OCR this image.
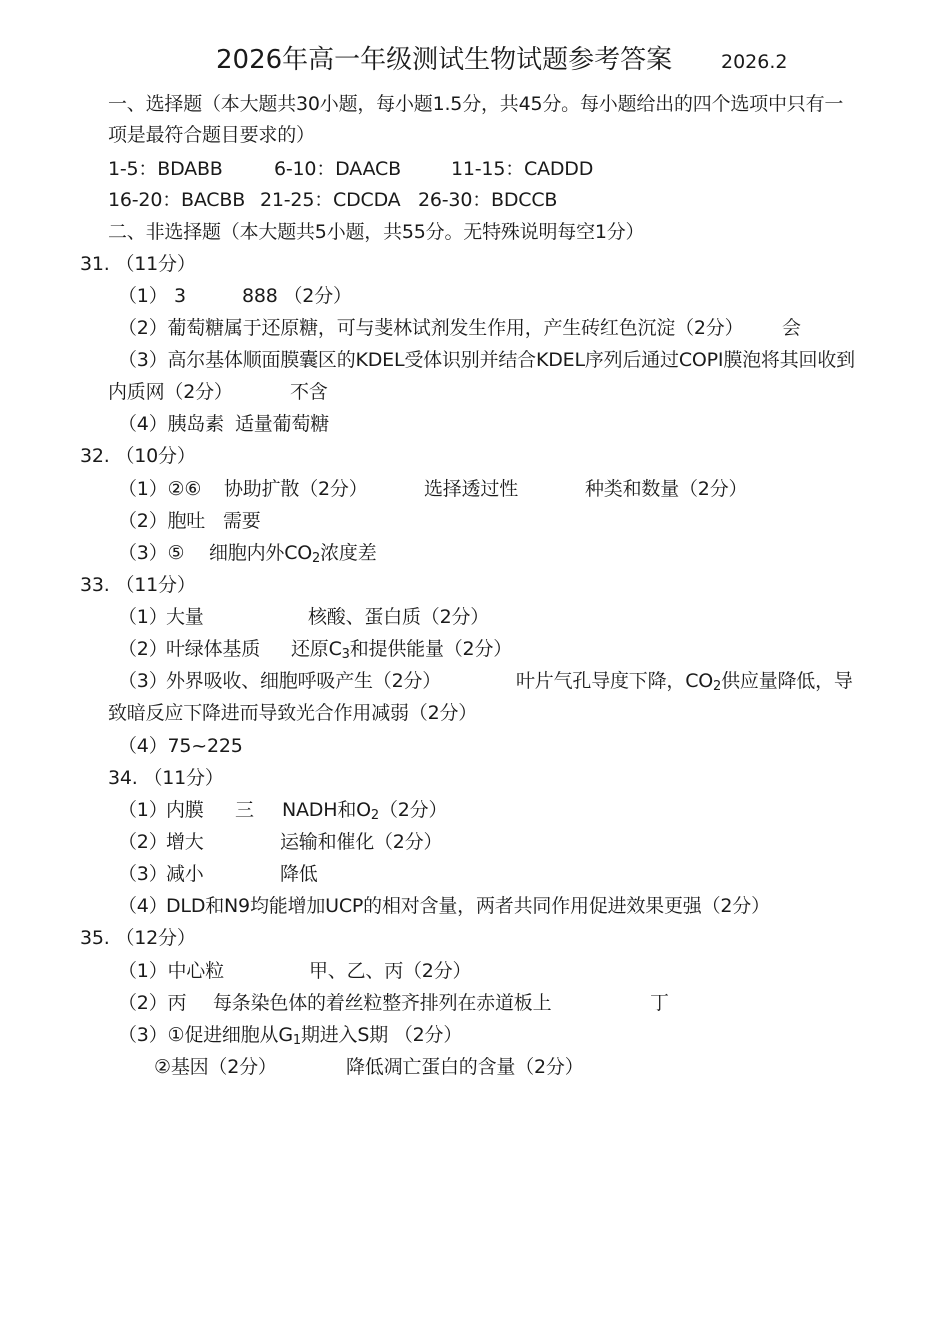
2026年高一年级测试生物试题参考答案	2026.2
一、选择题（本大题共30小题，每小题1.5分，共45分。每小题给出的四个选项中只有一
项是最符合题目要求的）
1-5：BDABB	6-10：DAACB	11-15：CADDD
16-20：BACBB 21-25：CDCDA 26-30：BDCCB
二、非选择题（本大题共5小题，共55分。无特殊说明每空1分）
31. （11分）
（1） 3	888 （2分）
（2）葡萄糖属于还原糖，可与斐林试剂发生作用，产生砖红色沉淀（2分） 会
（3）高尔基体顺面膜囊区的KDEL受体识别并结合KDEL序列后通过COPI膜泡将其回收到
内质网（2分）	不含
（4）胰岛素 适量葡萄糖
32. （10分）
（1）②⑥ 协助扩散（2分）	选择透过性	种类和数量（2分）
（2）胞吐 需要
（3）⑤ 细胞内外$CO_2$浓度差
33. （11分）
（1）
大量	核酸、蛋白质（2分）
（2）
叶绿体基质 还原$C_3$和提供能量（2分）
（3）
外界吸收、细胞呼吸产生（2分）	叶片气孔导度下降，$CO_2$供应量降低，导
致暗反应下降进而导致光合作用减弱（2分）
（4）75~225
34. （11分）
（1）
内膜 三 NADH和$O_2(2$分）
（2）
增大	运输和催化（2分）
（3）
减小	降低
（4）
DLD和N9均能增加UCP的相对含量，两者共同作用促进效果更强（2分）
35. （12分）
（1）中心粒	甲、乙、丙（2分）
（2）丙 每条染色体的着丝粒整齐排列在赤道板上	丁
（3）①促进细胞从$G_1$期进入S期 （2分）
②基因（2分）	降低凋亡蛋白的含量（2分）
